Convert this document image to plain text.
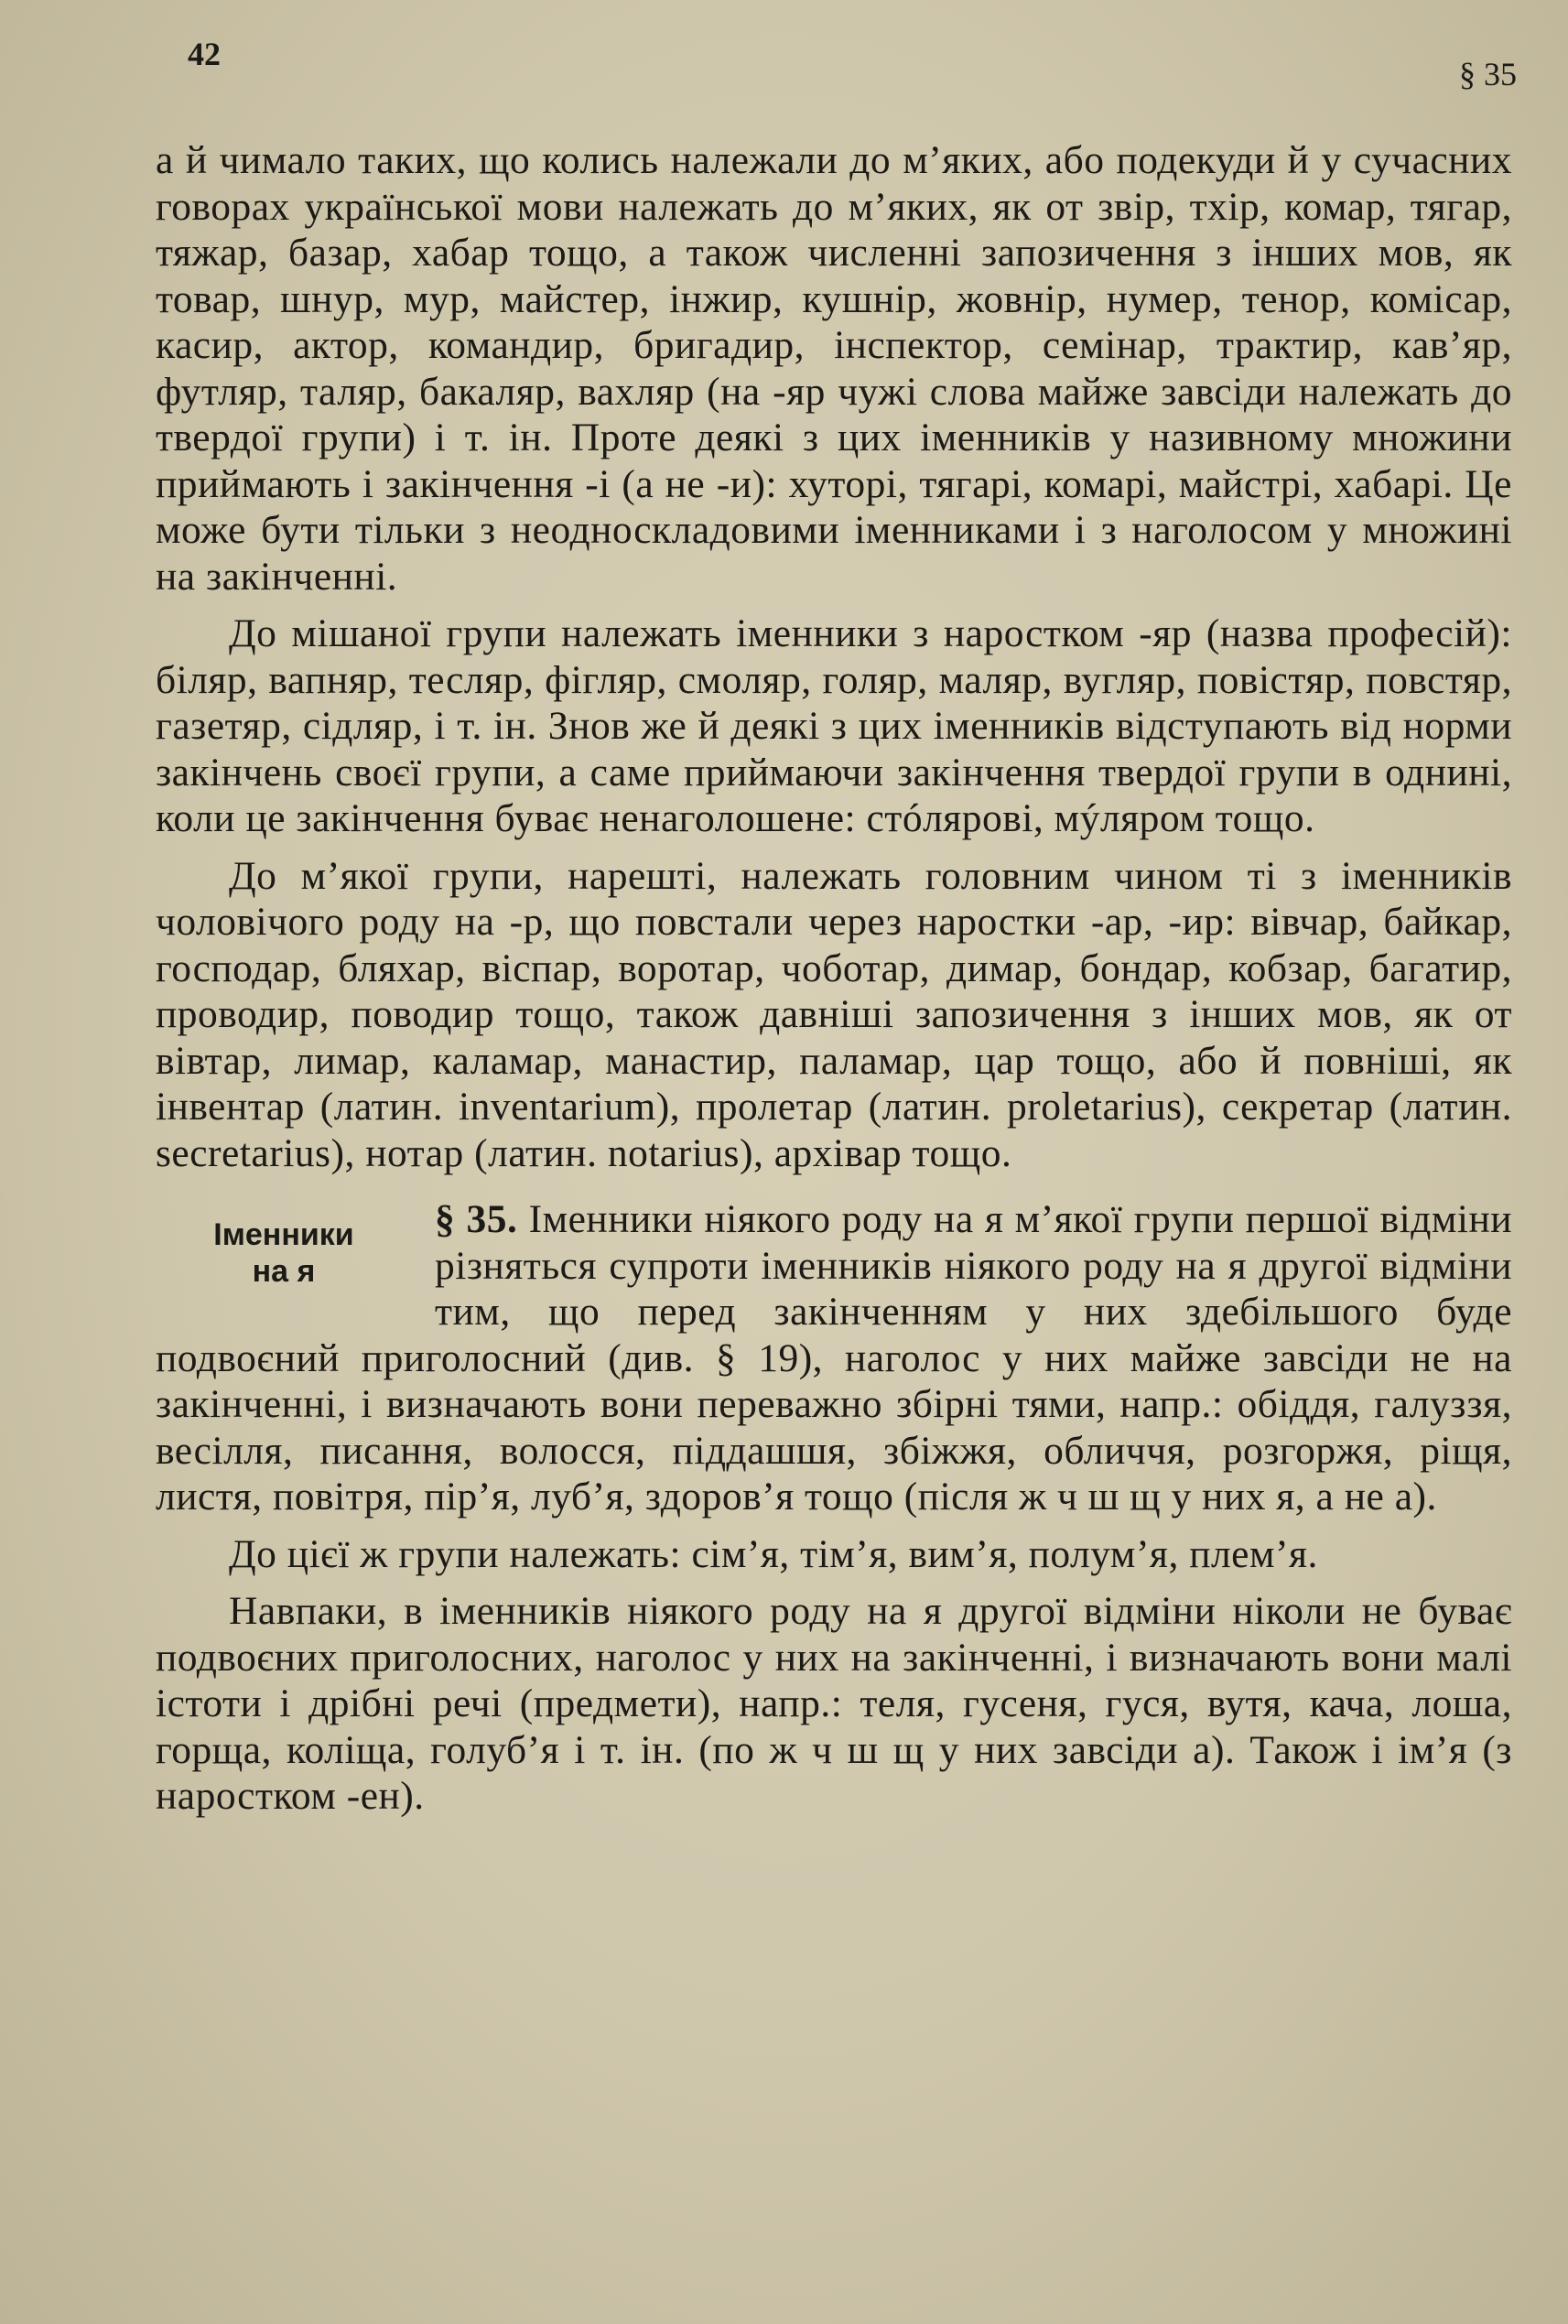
42
§ 35

а й чимало таких, що колись належали до м’яких, або подекуди й у сучасних говорах української мови належать до м’яких, як от звір, тхір, комар, тягар, тяжар, базар, хабар тощо, а також численні запозичення з інших мов, як товар, шнур, мур, майстер, інжир, кушнір, жовнір, нумер, тенор, комісар, касир, актор, командир, бригадир, інспектор, семінар, трактир, кав’яр, футляр, таляр, бакаляр, вахляр (на -яр чужі слова майже завсіди належать до твердої групи) і т. ін. Проте деякі з цих іменників у називному множини приймають і закінчення -і (а не -и): хуторі, тягарі, комарі, майстрі, хабарі. Це може бути тільки з неодноскладовими іменниками і з наголосом у множині на закінченні.

До мішаної групи належать іменники з наростком -яр (назва професій): біляр, вапняр, тесляр, фігляр, смоляр, голяр, маляр, вугляр, повістяр, повстяр, газетяр, сідляр, і т. ін. Знов же й деякі з цих іменників відступають від норми закінчень своєї групи, а саме приймаючи закінчення твердої групи в однині, коли це закінчення буває ненаголошене: стóлярові, мýляром тощо.

До м’якої групи, нарешті, належать головним чином ті з іменників чоловічого роду на -р, що повстали через наростки -ар, -ир: вівчар, байкар, господар, бляхар, віспар, воротар, чоботар, димар, бондар, кобзар, багатир, проводир, поводир тощо, також давніші запозичення з інших мов, як от вівтар, лимар, каламар, манастир, паламар, цар тощо, або й повніші, як інвентар (латин. inventarium), пролетар (латин. proletarius), секретар (латин. secretarius), нотар (латин. notarius), архівар тощо.

Іменники
на я

§ 35. Іменники ніякого роду на я м’якої групи першої відміни різняться супроти іменників ніякого роду на я другої відміни тим, що перед закінченням у них здебільшого буде подвоєний приголосний (див. § 19), наголос у них майже завсіди не на закінченні, і визначають вони переважно збірні тями, напр.: обіддя, галуззя, весілля, писання, волосся, піддашшя, збіжжя, обличчя, розгоржя, ріщя, листя, повітря, пір’я, луб’я, здоров’я тощо (після ж ч ш щ у них я, а не а).

До цієї ж групи належать: сім’я, тім’я, вим’я, полум’я, плем’я.

Навпаки, в іменників ніякого роду на я другої відміни ніколи не буває подвоєних приголосних, наголос у них на закінченні, і визначають вони малі істоти і дрібні речі (предмети), напр.: теля, гусеня, гуся, вутя, кача, лоша, горща, коліща, голуб’я і т. ін. (по ж ч ш щ у них завсіди а). Також і ім’я (з наростком -ен).
